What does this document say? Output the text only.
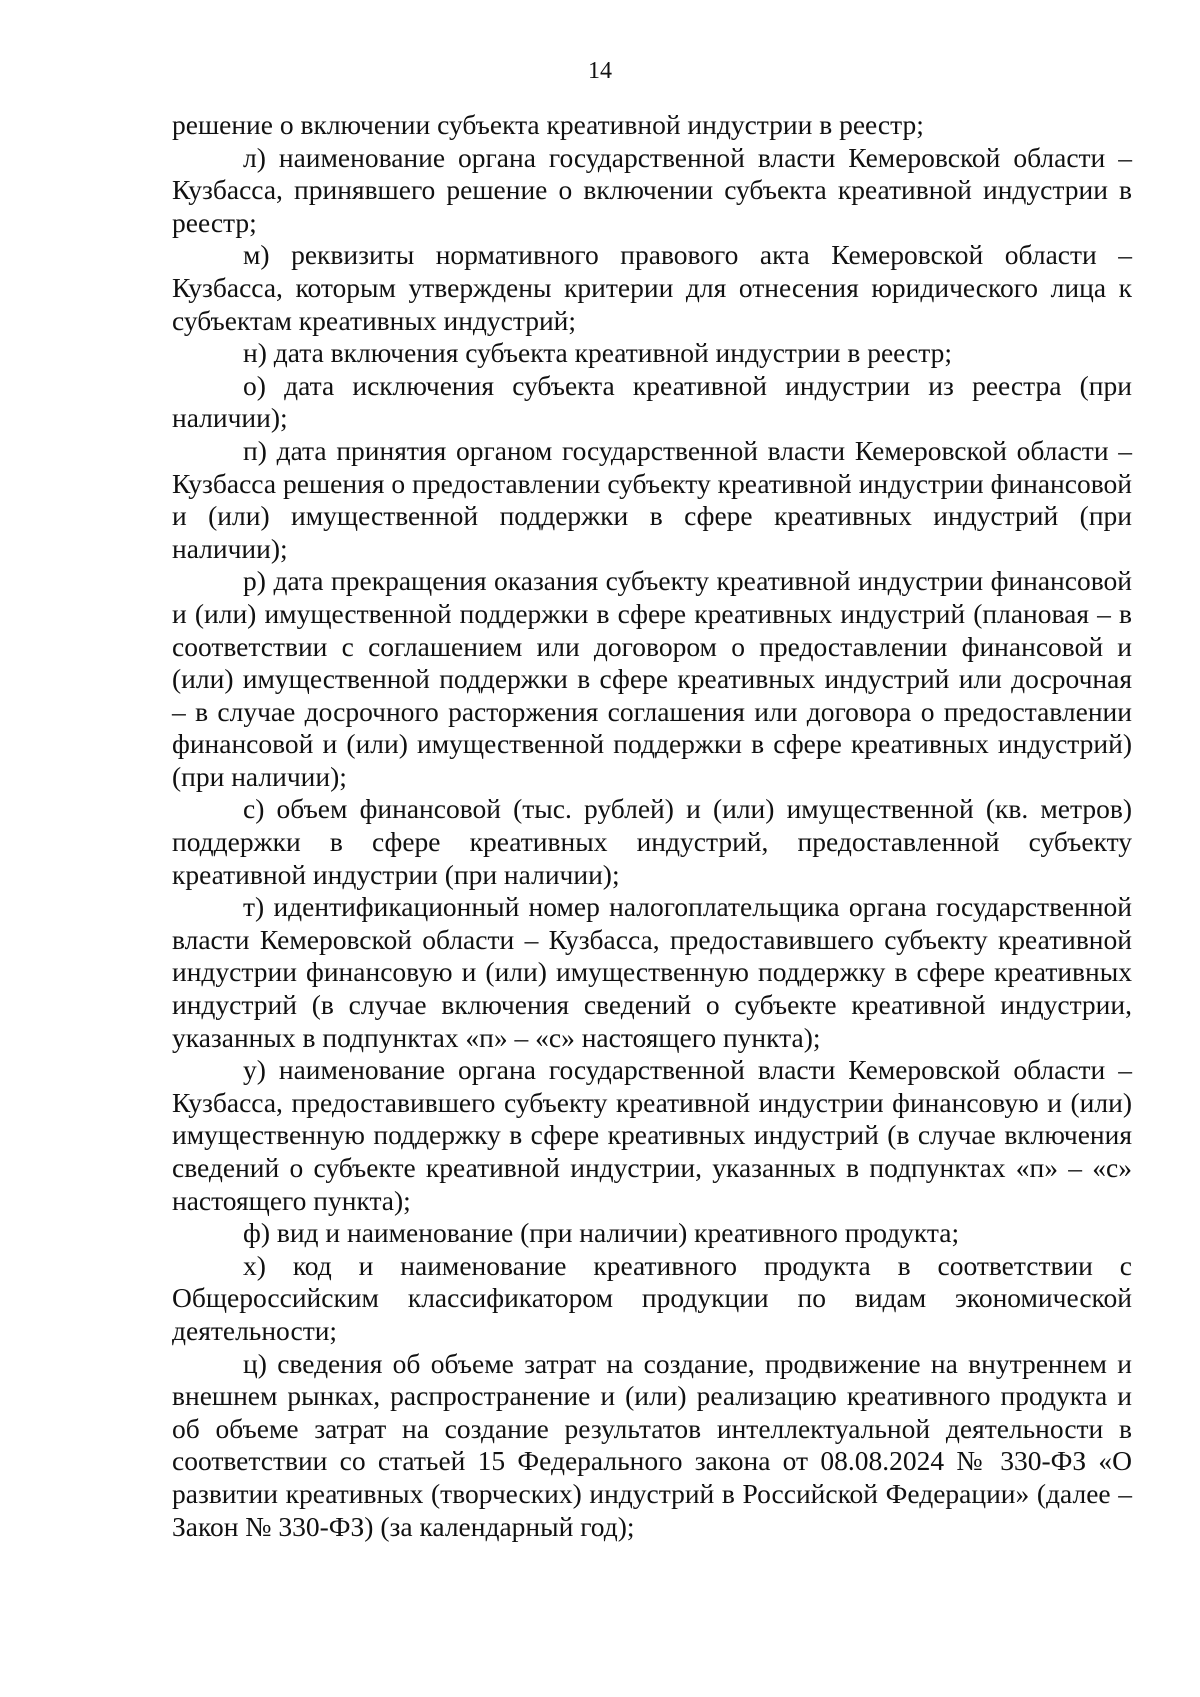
14

решение о включении субъекта креативной индустрии в реестр;

л) наименование органа государственной власти Кемеровской области – Кузбасса, принявшего решение о включении субъекта креативной индустрии в реестр;

м) реквизиты нормативного правового акта Кемеровской области – Кузбасса, которым утверждены критерии для отнесения юридического лица к субъектам креативных индустрий;

н) дата включения субъекта креативной индустрии в реестр;

о) дата исключения субъекта креативной индустрии из реестра (при наличии);

п) дата принятия органом государственной власти Кемеровской области – Кузбасса решения о предоставлении субъекту креативной индустрии финансовой и (или) имущественной поддержки в сфере креативных индустрий (при наличии);

р) дата прекращения оказания субъекту креативной индустрии финансовой и (или) имущественной поддержки в сфере креативных индустрий (плановая – в соответствии с соглашением или договором о предоставлении финансовой и (или) имущественной поддержки в сфере креативных индустрий или досрочная – в случае досрочного расторжения соглашения или договора о предоставлении финансовой и (или) имущественной поддержки в сфере креативных индустрий) (при наличии);

с) объем финансовой (тыс. рублей) и (или) имущественной (кв. метров) поддержки в сфере креативных индустрий, предоставленной субъекту креативной индустрии (при наличии);

т) идентификационный номер налогоплательщика органа государственной власти Кемеровской области – Кузбасса, предоставившего субъекту креативной индустрии финансовую и (или) имущественную поддержку в сфере креативных индустрий (в случае включения сведений о субъекте креативной индустрии, указанных в подпунктах «п» – «с» настоящего пункта);

у) наименование органа государственной власти Кемеровской области – Кузбасса, предоставившего субъекту креативной индустрии финансовую и (или) имущественную поддержку в сфере креативных индустрий (в случае включения сведений о субъекте креативной индустрии, указанных в подпунктах «п» – «с» настоящего пункта);

ф) вид и наименование (при наличии) креативного продукта;

х) код и наименование креативного продукта в соответствии с Общероссийским классификатором продукции по видам экономической деятельности;

ц) сведения об объеме затрат на создание, продвижение на внутреннем и внешнем рынках, распространение и (или) реализацию креативного продукта и об объеме затрат на создание результатов интеллектуальной деятельности в соответствии со статьей 15 Федерального закона от 08.08.2024 № 330-ФЗ «О развитии креативных (творческих) индустрий в Российской Федерации» (далее – Закон № 330-ФЗ) (за календарный год);
